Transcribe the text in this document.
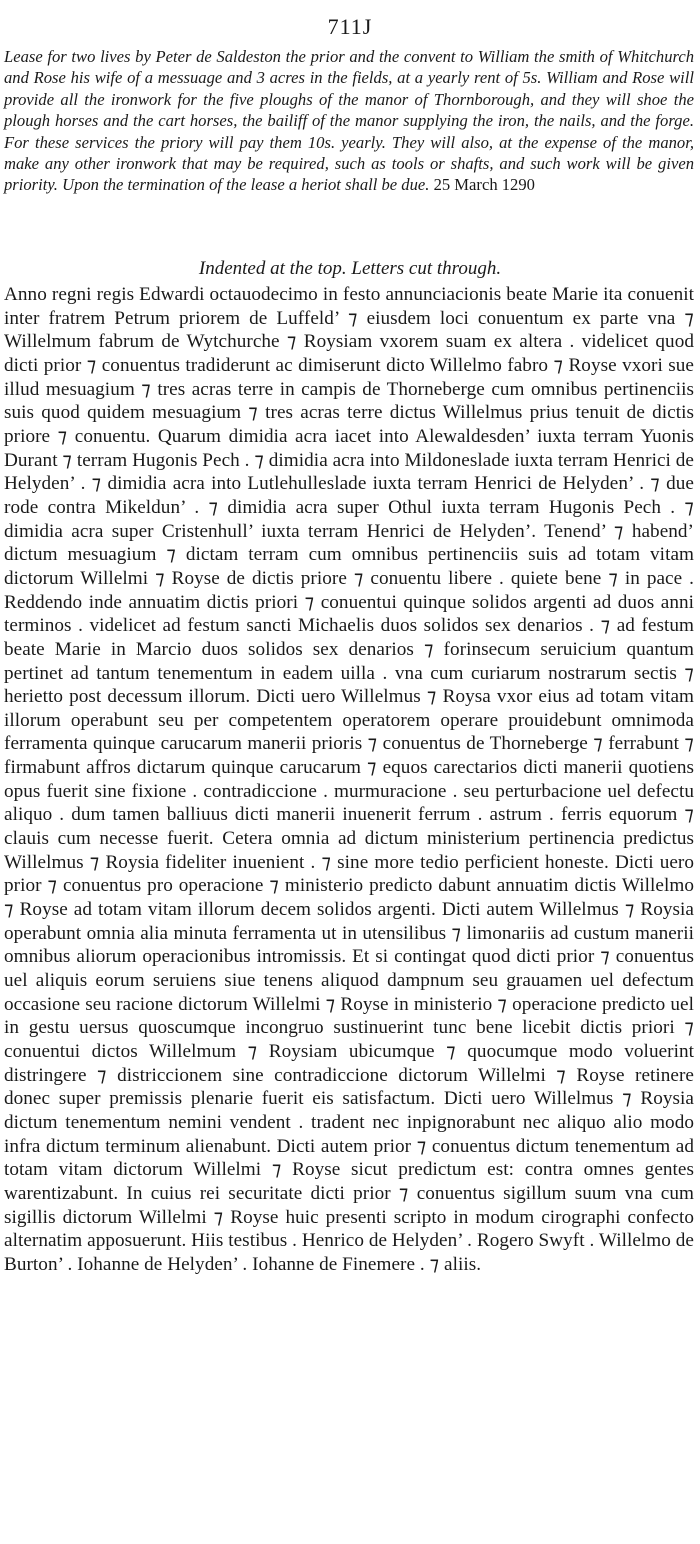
711J
Lease for two lives by Peter de Saldeston the prior and the convent to William the smith of Whitchurch and Rose his wife of a messuage and 3 acres in the fields, at a yearly rent of 5s. William and Rose will provide all the ironwork for the five ploughs of the manor of Thornborough, and they will shoe the plough horses and the cart horses, the bailiff of the manor supplying the iron, the nails, and the forge. For these services the priory will pay them 10s. yearly. They will also, at the expense of the manor, make any other ironwork that may be required, such as tools or shafts, and such work will be given priority. Upon the termination of the lease a heriot shall be due. 25 March 1290
Indented at the top. Letters cut through.
Anno regni regis Edwardi octauodecimo in festo annunciacionis beate Marie ita conuenit inter fratrem Petrum priorem de Luffeld’ ⁊ eiusdem loci conuentum ex parte vna ⁊ Willelmum fabrum de Wytchurche ⁊ Roysiam vxorem suam ex altera . videlicet quod dicti prior ⁊ conuentus tradiderunt ac dimiserunt dicto Willelmo fabro ⁊ Royse vxori sue illud mesuagium ⁊ tres acras terre in campis de Thorneberge cum omnibus pertinenciis suis quod quidem mesuagium ⁊ tres acras terre dictus Willelmus prius tenuit de dictis priore ⁊ conuentu. Quarum dimidia acra iacet into Alewaldesden’ iuxta terram Yuonis Durant ⁊ terram Hugonis Pech . ⁊ dimidia acra into Mildoneslade iuxta terram Henrici de Helyden’ . ⁊ dimidia acra into Lutlehulleslade iuxta terram Henrici de Helyden’ . ⁊ due rode contra Mikeldun’ . ⁊ dimidia acra super Othul iuxta terram Hugonis Pech . ⁊ dimidia acra super Cristenhull’ iuxta terram Henrici de Helyden’. Tenend’ ⁊ habend’ dictum mesuagium ⁊ dictam terram cum omnibus pertinenciis suis ad totam vitam dictorum Willelmi ⁊ Royse de dictis priore ⁊ conuentu libere . quiete bene ⁊ in pace . Reddendo inde annuatim dictis priori ⁊ conuentui quinque solidos argenti ad duos anni terminos . videlicet ad festum sancti Michaelis duos solidos sex denarios . ⁊ ad festum beate Marie in Marcio duos solidos sex denarios ⁊ forinsecum seruicium quantum pertinet ad tantum tenementum in eadem uilla . vna cum curiarum nostrarum sectis ⁊ herietto post decessum illorum. Dicti uero Willelmus ⁊ Roysa vxor eius ad totam vitam illorum operabunt seu per competentem operatorem operare prouidebunt omnimoda ferramenta quinque carucarum manerii prioris ⁊ conuentus de Thorneberge ⁊ ferrabunt ⁊ firmabunt affros dictarum quinque carucarum ⁊ equos carectarios dicti manerii quotiens opus fuerit sine fixione . contradiccione . murmuracione . seu perturbacione uel defectu aliquo . dum tamen balliuus dicti manerii inuenerit ferrum . astrum . ferris equorum ⁊ clauis cum necesse fuerit. Cetera omnia ad dictum ministerium pertinencia predictus Willelmus ⁊ Roysia fideliter inuenient . ⁊ sine more tedio perficient honeste. Dicti uero prior ⁊ conuentus pro operacione ⁊ ministerio predicto dabunt annuatim dictis Willelmo ⁊ Royse ad totam vitam illorum decem solidos argenti. Dicti autem Willelmus ⁊ Roysia operabunt omnia alia minuta ferramenta ut in utensilibus ⁊ limonariis ad custum manerii omnibus aliorum operacionibus intromissis. Et si contingat quod dicti prior ⁊ conuentus uel aliquis eorum seruiens siue tenens aliquod dampnum seu grauamen uel defectum occasione seu racione dictorum Willelmi ⁊ Royse in ministerio ⁊ operacione predicto uel in gestu uersus quoscumque incongruo sustinuerint tunc bene licebit dictis priori ⁊ conuentui dictos Willelmum ⁊ Roysiam ubicumque ⁊ quocumque modo voluerint distringere ⁊ districcionem sine contradiccione dictorum Willelmi ⁊ Royse retinere donec super premissis plenarie fuerit eis satisfactum. Dicti uero Willelmus ⁊ Roysia dictum tenementum nemini vendent . tradent nec inpignorabunt nec aliquo alio modo infra dictum terminum alienabunt. Dicti autem prior ⁊ conuentus dictum tenementum ad totam vitam dictorum Willelmi ⁊ Royse sicut predictum est: contra omnes gentes warentizabunt. In cuius rei securitate dicti prior ⁊ conuentus sigillum suum vna cum sigillis dictorum Willelmi ⁊ Royse huic presenti scripto in modum cirographi confecto alternatim apposuerunt. Hiis testibus . Henrico de Helyden’ . Rogero Swyft . Willelmo de Burton’ . Iohanne de Helyden’ . Iohanne de Finemere . ⁊ aliis.
